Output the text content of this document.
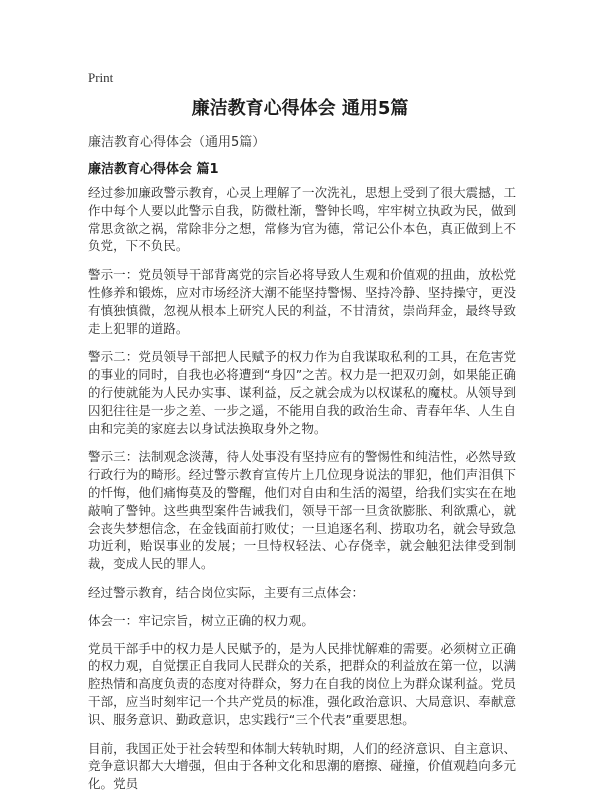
Print
廉洁教育心得体会 通用5篇

廉洁教育心得体会（通用5篇）

廉洁教育心得体会 篇1

经过参加廉政警示教育，心灵上理解了一次洗礼，思想上受到了很大震撼，工作中每个人要以此警示自我，防微杜渐，警钟长鸣，牢牢树立执政为民，做到常思贪欲之祸，常除非分之想，常修为官为德，常记公仆本色，真正做到上不负党，下不负民。

警示一：党员领导干部背离党的宗旨必将导致人生观和价值观的扭曲，放松党性修养和锻炼，应对市场经济大潮不能坚持警惕、坚持冷静、坚持操守，更没有慎独慎微，忽视从根本上研究人民的利益，不甘清贫，崇尚拜金，最终导致走上犯罪的道路。

警示二：党员领导干部把人民赋予的权力作为自我谋取私利的工具，在危害党的事业的同时，自我也必将遭到“身囚”之苦。权力是一把双刃剑，如果能正确的行使就能为人民办实事、谋利益，反之就会成为以权谋私的魔杖。从领导到囚犯往往是一步之差、一步之遥，不能用自我的政治生命、青春年华、人生自由和完美的家庭去以身试法换取身外之物。

警示三：法制观念淡薄，待人处事没有坚持应有的警惕性和纯洁性，必然导致行政行为的畸形。经过警示教育宣传片上几位现身说法的罪犯，他们声泪俱下的忏悔，他们痛悔莫及的警醒，他们对自由和生活的渴望，给我们实实在在地敲响了警钟。这些典型案件告诫我们，领导干部一旦贪欲膨胀、利欲熏心，就会丧失梦想信念，在金钱面前打败仗；一旦追逐名利、捞取功名，就会导致急功近利，贻误事业的发展；一旦恃权轻法、心存侥幸，就会触犯法律受到制裁，变成人民的罪人。

经过警示教育，结合岗位实际，主要有三点体会：

体会一：牢记宗旨，树立正确的权力观。

党员干部手中的权力是人民赋予的，是为人民排忧解难的需要。必须树立正确的权力观，自觉摆正自我同人民群众的关系，把群众的利益放在第一位，以满腔热情和高度负责的态度对待群众，努力在自我的岗位上为群众谋利益。党员干部，应当时刻牢记一个共产党员的标准，强化政治意识、大局意识、奉献意识、服务意识、勤政意识，忠实践行“三个代表”重要思想。

目前，我国正处于社会转型和体制大转轨时期，人们的经济意识、自主意识、竞争意识都大大增强，但由于各种文化和思潮的磨擦、碰撞，价值观趋向多元化。党员
